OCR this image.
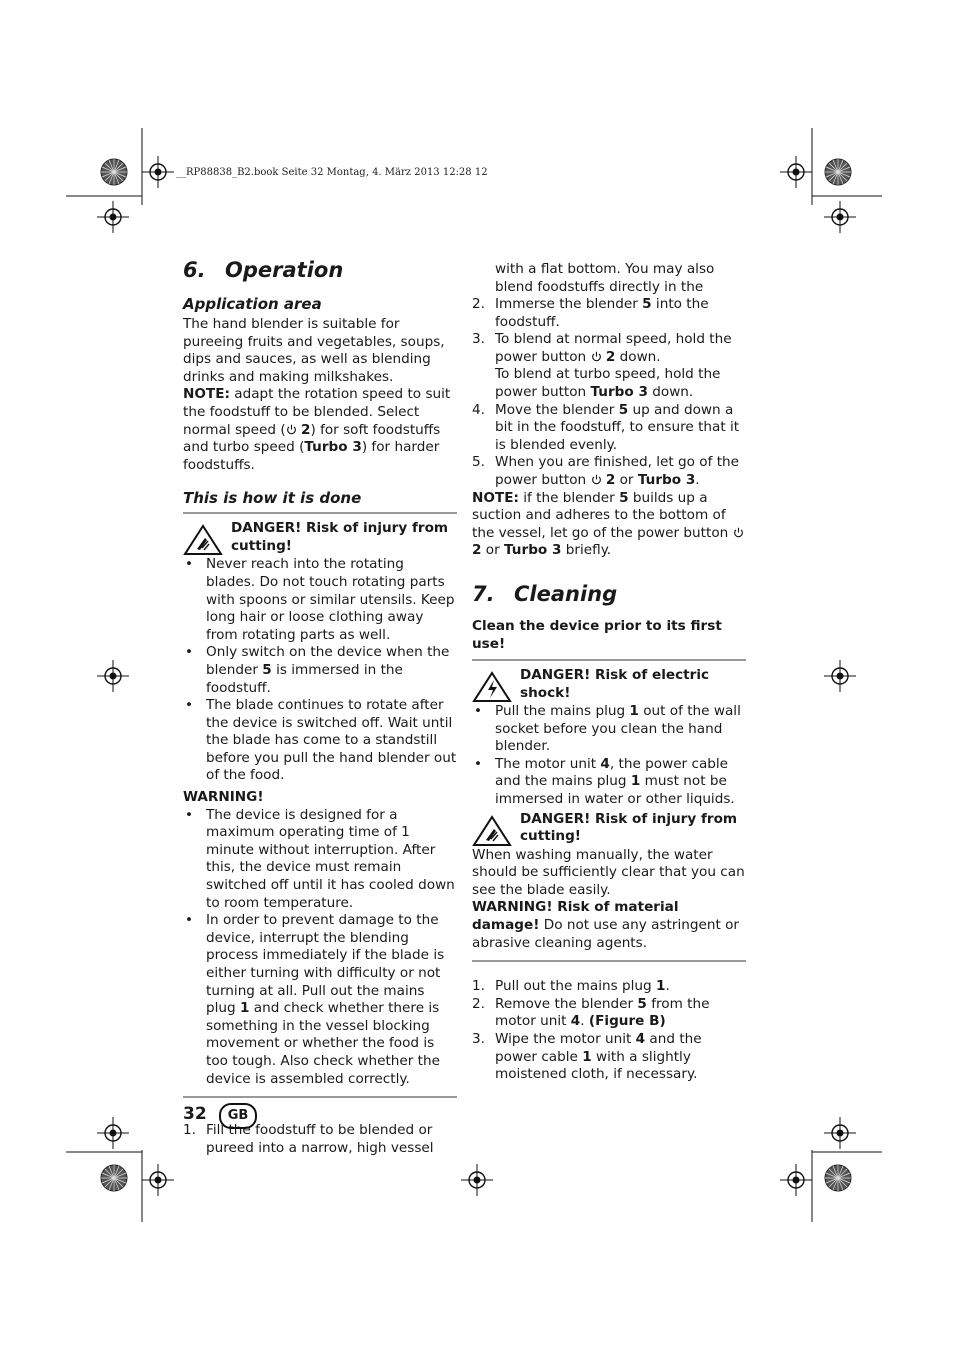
__RP88838_B2.book Seite 32 Montag, 4. März 2013 12:28 12
6. Operation
Application area

The hand blender is suitable for pureeing fruits and vegetables, soups, dips and sauces, as well as blending drinks and making milkshakes.

NOTE: adapt the rotation speed to suit the foodstuff to be blended. Select normal speed ( 2) for soft foodstuffs and turbo speed (Turbo 3) for harder foodstuffs.

This is how it is done
DANGER! Risk of injury from cutting!
• Never reach into the rotating blades. Do not touch rotating parts with spoons or similar utensils. Keep long hair or loose clothing away from rotating parts as well.
• Only switch on the device when the blender 5 is immersed in the foodstuff.
• The blade continues to rotate after the device is switched off. Wait until the blade has come to a standstill before you pull the hand blender out of the food.

WARNING!

• The device is designed for a maximum operating time of 1 minute without interruption. After this, the device must remain switched off until it has cooled down to room temperature.
• In order to prevent damage to the device, interrupt the blending process immediately if the blade is either turning with difficulty or not turning at all. Pull out the mains plug 1 and check whether there is something in the vessel blocking movement or whether the food is too tough. Also check whether the device is assembled correctly.
1. Fill the foodstuff to be blended or pureed into a narrow, high vessel
with a flat bottom. You may also blend foodstuffs directly in the
2. Immerse the blender 5 into the foodstuff.
3. To blend at normal speed, hold the power button  2 down.
To blend at turbo speed, hold the power button Turbo 3 down.
4. Move the blender 5 up and down a bit in the foodstuff, to ensure that it is blended evenly.
5. When you are finished, let go of the power button  2 or Turbo 3.

NOTE: if the blender 5 builds up a suction and adheres to the bottom of the vessel, let go of the power button  2 or Turbo 3 briefly.

7. Cleaning

Clean the device prior to its first use!

DANGER! Risk of electric shock!
• Pull the mains plug 1 out of the wall socket before you clean the hand blender.
• The motor unit 4, the power cable and the mains plug 1 must not be immersed in water or other liquids.
DANGER! Risk of injury from cutting!

When washing manually, the water should be sufficiently clear that you can see the blade easily.

WARNING! Risk of material damage! Do not use any astringent or abrasive cleaning agents.

1. Pull out the mains plug 1.
2. Remove the blender 5 from the motor unit 4. (Figure B)
3. Wipe the motor unit 4 and the power cable 1 with a slightly moistened cloth, if necessary.
32	GB
